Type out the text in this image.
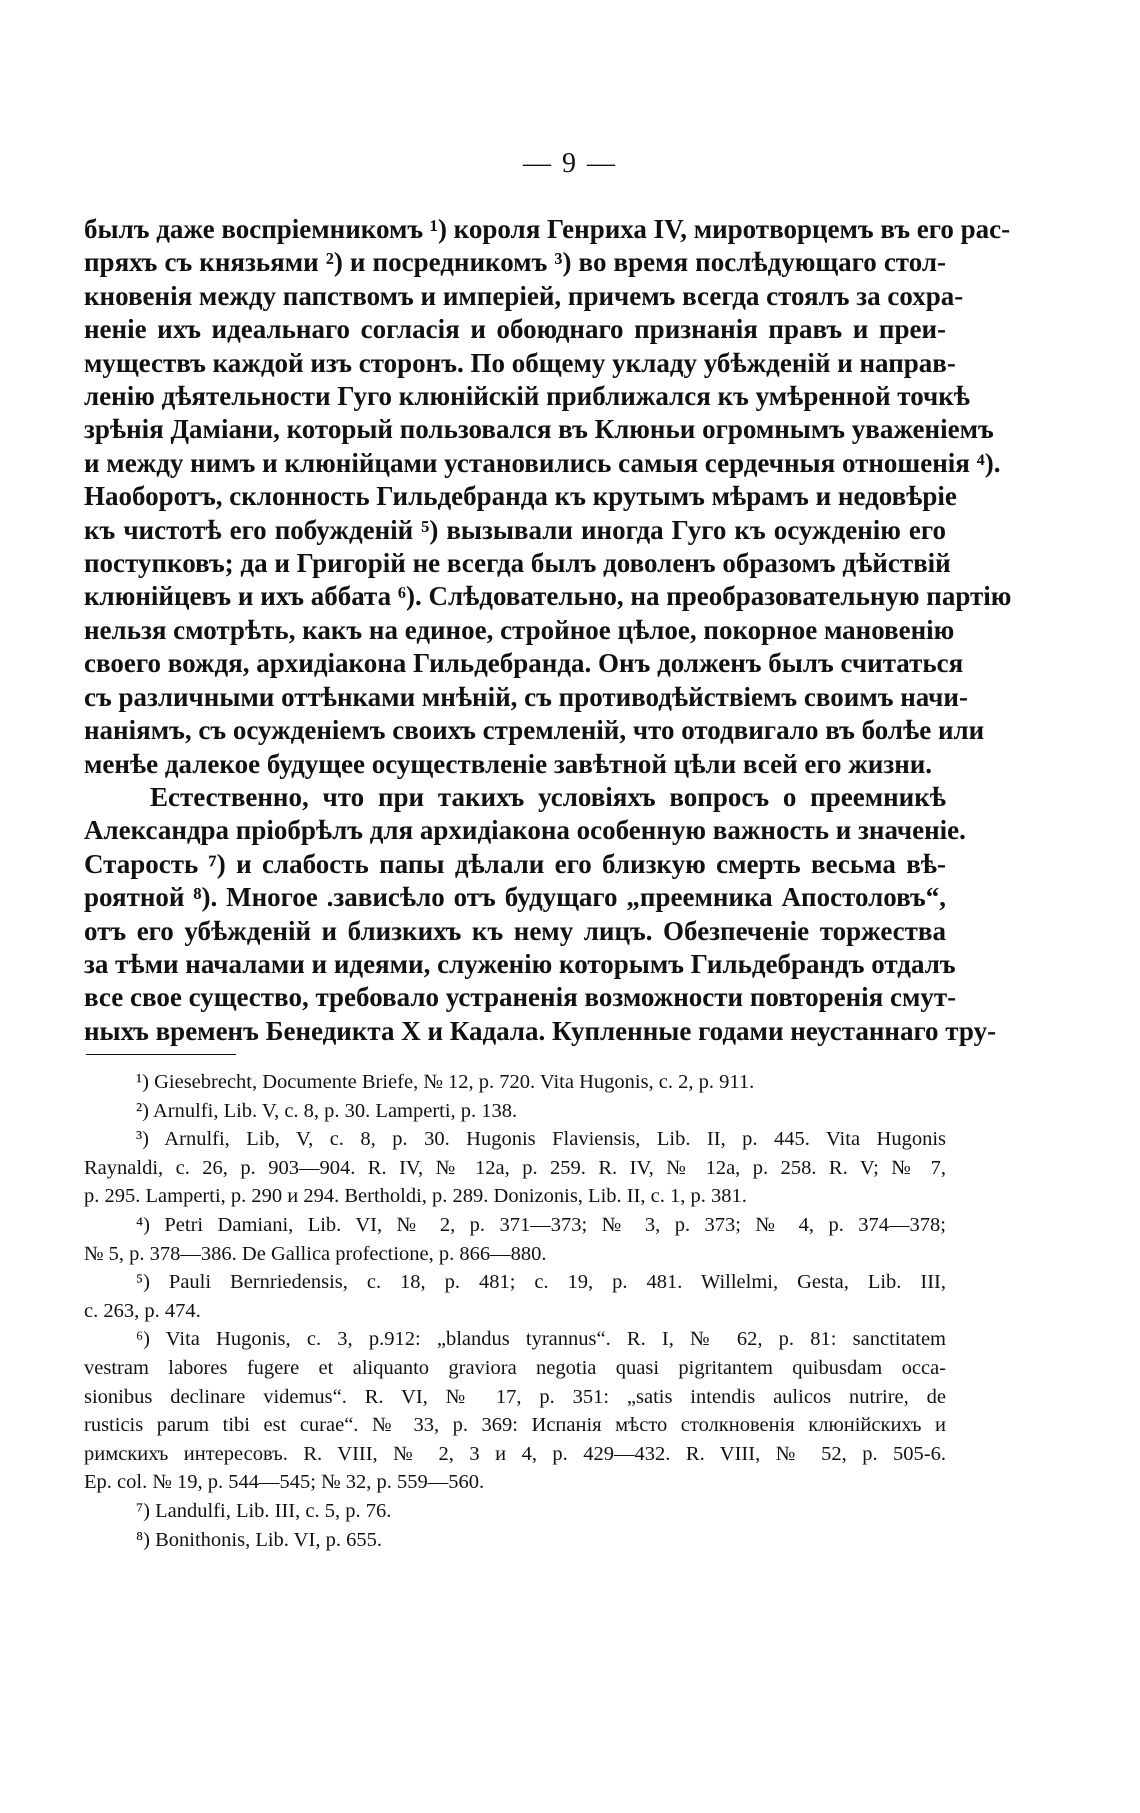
— 9 —
былъ даже воспріемникомъ ¹) короля Генриха IV, миротворцемъ въ его рас-
пряхъ съ князьями ²) и посредникомъ ³) во время послѣдующаго стол-
кновенія между папствомъ и имперіей, причемъ всегда стоялъ за сохра-
неніе ихъ идеальнаго согласія и обоюднаго признанія правъ и преи-
муществъ каждой изъ сторонъ. По общему укладу убѣжденій и направ-
ленію дѣятельности Гуго клюнійскій приближался къ умѣренной точкѣ
зрѣнія Даміани, который пользовался въ Клюньи огромнымъ уваженіемъ
и между нимъ и клюнійцами установились самыя сердечныя отношенія ⁴).
Наоборотъ, склонность Гильдебранда къ крутымъ мѣрамъ и недовѣріе
къ чистотѣ его побужденій ⁵) вызывали иногда Гуго къ осужденію его
поступковъ; да и Григорій не всегда былъ доволенъ образомъ дѣйствій
клюнійцевъ и ихъ аббата ⁶). Слѣдовательно, на преобразовательную партію
нельзя смотрѣть, какъ на единое, стройное цѣлое, покорное мановенію
своего вождя, архидіакона Гильдебранда. Онъ долженъ былъ считаться
съ различными оттѣнками мнѣній, съ противодѣйствіемъ своимъ начи-
наніямъ, съ осужденіемъ своихъ стремленій, что отодвигало въ болѣе или
менѣе далекое будущее осуществленіе завѣтной цѣли всей его жизни.
Естественно, что при такихъ условіяхъ вопросъ о преемникѣ
Александра пріобрѣлъ для архидіакона особенную важность и значеніе.
Старость ⁷) и слабость папы дѣлали его близкую смерть весьма вѣ-
роятной ⁸). Многое .зависѣло отъ будущаго „преемника Апостоловъ“,
отъ его убѣжденій и близкихъ къ нему лицъ. Обезпеченіе торжества
за тѣми началами и идеями, служенію которымъ Гильдебрандъ отдалъ
все свое существо, требовало устраненія возможности повторенія смут-
ныхъ временъ Бенедикта X и Кадала. Купленные годами неустаннаго тру-
¹) Giesebrecht, Documente Briefe, № 12, p. 720. Vita Hugonis, c. 2, p. 911.
²) Arnulfi, Lib. V, c. 8, p. 30. Lamperti, p. 138.
³) Arnulfi, Lib, V, c. 8, p. 30. Hugonis Flaviensis, Lib. II, p. 445. Vita Hugonis
Raynaldi, c. 26, p. 903—904. R. IV, № 12a, p. 259. R. IV, № 12a, p. 258. R. V; № 7,
p. 295. Lamperti, p. 290 и 294. Bertholdi, p. 289. Donizonis, Lib. II, c. 1, p. 381.
⁴) Petri Damiani, Lib. VI, № 2, p. 371—373; № 3, p. 373; № 4, p. 374—378;
№ 5, p. 378—386. De Gallica profectione, p. 866—880.
⁵) Pauli Bernriedensis, c. 18, p. 481; c. 19, p. 481. Willelmi, Gesta, Lib. III,
c. 263, p. 474.
⁶) Vita Hugonis, c. 3, p.912: „blandus tyrannus“. R. I, № 62, p. 81: sanctitatem
vestram labores fugere et aliquanto graviora negotia quasi pigritantem quibusdam occa-
sionibus declinare videmus“. R. VI, № 17, p. 351: „satis intendis aulicos nutrire, de
rusticis parum tibi est curae“. № 33, p. 369: Испанія мѣсто столкновенія клюнійскихъ и
римскихъ интересовъ. R. VIII, № 2, 3 и 4, p. 429—432. R. VIII, № 52, p. 505-6.
Ep. col. № 19, p. 544—545; № 32, p. 559—560.
⁷) Landulfi, Lib. III, c. 5, p. 76.
⁸) Bonithonis, Lib. VI, p. 655.
